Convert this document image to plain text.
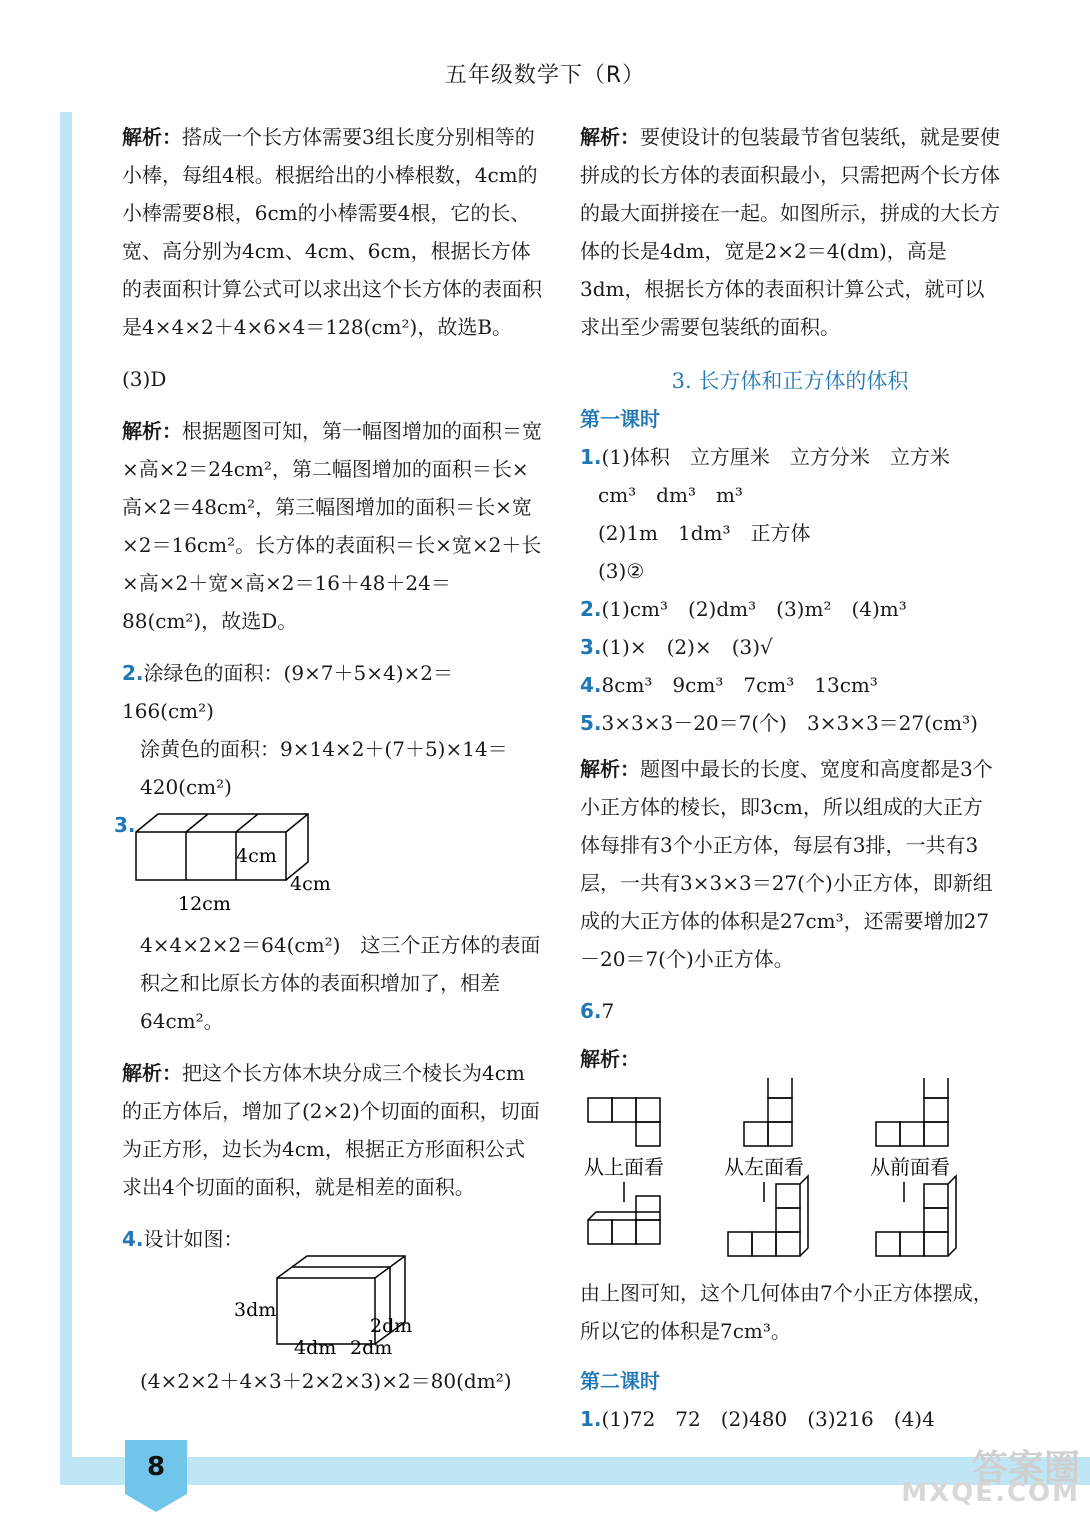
8
五年级数学下（R）

解析：搭成一个长方体需要3组长度分别相等的小棒，每组4根。根据给出的小棒根数，4cm的小棒需要8根，6cm的小棒需要4根，它的长、宽、高分别为4cm、4cm、6cm，根据长方体的表面积计算公式可以求出这个长方体的表面积是4×4×2＋4×6×4＝128(cm²)，故选B。

(3)D

解析：根据题图可知，第一幅图增加的面积＝宽×高×2＝24cm²，第二幅图增加的面积＝长×高×2＝48cm²，第三幅图增加的面积＝长×宽×2＝16cm²。长方体的表面积＝长×宽×2＋长×高×2＋宽×高×2＝16＋48＋24＝88(cm²)，故选D。

2.涂绿色的面积：(9×7＋5×4)×2＝166(cm²)

涂黄色的面积：9×14×2＋(7＋5)×14＝420(cm²)

3.
4cm
4cm
12cm

4×4×2×2＝64(cm²)　这三个正方体的表面积之和比原长方体的表面积增加了，相差64cm²。

解析：把这个长方体木块分成三个棱长为4cm的正方体后，增加了(2×2)个切面的面积，切面为正方形，边长为4cm，根据正方形面积公式求出4个切面的面积，就是相差的面积。

4.设计如图：

3dm
2dm
4dm 2dm

(4×2×2＋4×3＋2×2×3)×2＝80(dm²)

解析：要使设计的包装最节省包装纸，就是要使拼成的长方体的表面积最小，只需把两个长方体的最大面拼接在一起。如图所示，拼成的大长方体的长是4dm，宽是2×2＝4(dm)，高是3dm，根据长方体的表面积计算公式，就可以求出至少需要包装纸的面积。

3. 长方体和正方体的体积

第一课时

1.(1)体积　立方厘米　立方分米　立方米

cm³　dm³　m³

(2)1m　1dm³　正方体

(3)②

2.(1)cm³　(2)dm³　(3)m²　(4)m³

3.(1)×　(2)×　(3)√

4.8cm³　9cm³　7cm³　13cm³

5.3×3×3－20＝7(个)　3×3×3＝27(cm³)

解析：题图中最长的长度、宽度和高度都是3个小正方体的棱长，即3cm，所以组成的大正方体每排有3个小正方体，每层有3排，一共有3层，一共有3×3×3＝27(个)小正方体，即新组成的大正方体的体积是27cm³，还需要增加27－20＝7(个)小正方体。

6.7

解析：

从上面看	从左面看	从前面看

由上图可知，这个几何体由7个小正方体摆成，所以它的体积是7cm³。

第二课时

1.(1)72　72　(2)480　(3)216　(4)4

答案圈
MXQE.COM
